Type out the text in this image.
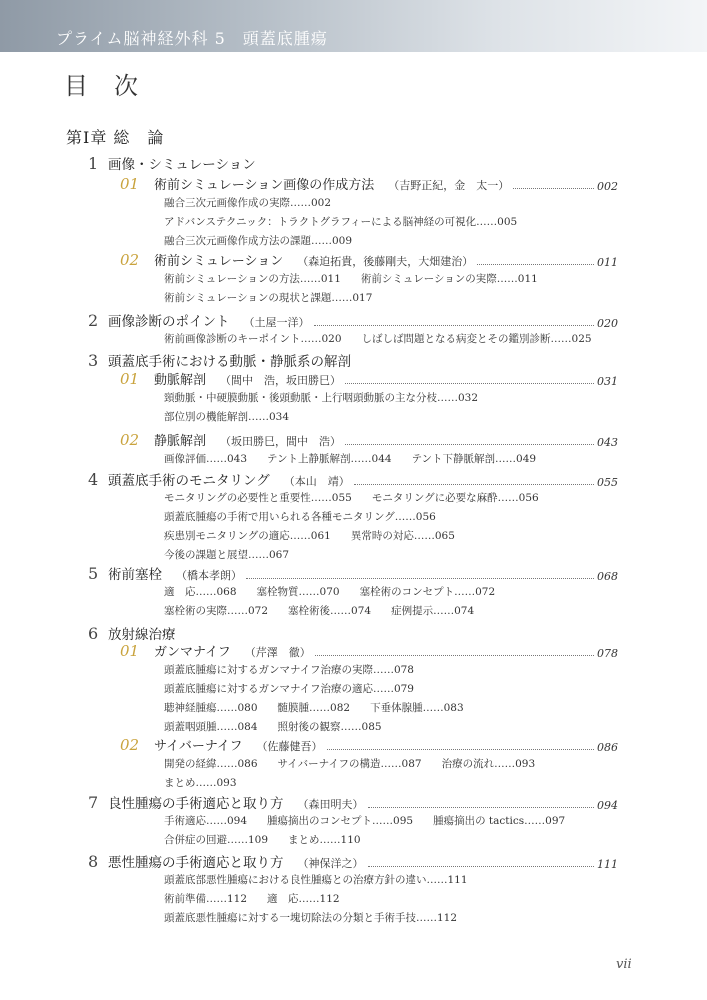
プライム脳神経外科 5　頭蓋底腫瘍
目次
第Ⅰ章 総　論
1 画像・シミュレーション
01	術前シミュレーション画像の作成方法 （吉野正紀，金　太一）	002
融合三次元画像作成の実際……002
アドバンステクニック：トラクトグラフィーによる脳神経の可視化……005
融合三次元画像作成方法の課題……009
02	術前シミュレーション （森迫拓貴，後藤剛夫，大畑建治）	011
術前シミュレーションの方法……011 術前シミュレーションの実際……011
術前シミュレーションの現状と課題……017
2 画像診断のポイント （土屋一洋）	020
術前画像診断のキーポイント……020 しばしば問題となる病変とその鑑別診断……025
3 頭蓋底手術における動脈・静脈系の解剖
01	動脈解剖 （間中　浩，坂田勝巳）	031
頸動脈・中硬膜動脈・後頭動脈・上行咽頭動脈の主な分枝……032
部位別の機能解剖……034
02	静脈解剖 （坂田勝巳，間中　浩）	043
画像評価……043 テント上静脈解剖……044 テント下静脈解剖……049
4 頭蓋底手術のモニタリング （本山　靖）	055
モニタリングの必要性と重要性……055 モニタリングに必要な麻酔……056
頭蓋底腫瘍の手術で用いられる各種モニタリング……056
疾患別モニタリングの適応……061 異常時の対応……065
今後の課題と展望……067
5 術前塞栓 （橋本孝朗）	068
適　応……068 塞栓物質……070 塞栓術のコンセプト……072
塞栓術の実際……072 塞栓術後……074 症例提示……074
6 放射線治療
01	ガンマナイフ （芹澤　徹）	078
頭蓋底腫瘍に対するガンマナイフ治療の実際……078
頭蓋底腫瘍に対するガンマナイフ治療の適応……079
聴神経腫瘍……080 髄膜腫……082 下垂体腺腫……083
頭蓋咽頭腫……084 照射後の観察……085
02	サイバーナイフ （佐藤健吾）	086
開発の経緯……086 サイバーナイフの構造……087 治療の流れ……093
まとめ……093
7 良性腫瘍の手術適応と取り方 （森田明夫）	094
手術適応……094 腫瘍摘出のコンセプト……095 腫瘍摘出の tactics……097
合併症の回避……109 まとめ……110
8 悪性腫瘍の手術適応と取り方 （神保洋之）	111
頭蓋底部悪性腫瘍における良性腫瘍との治療方針の違い……111
術前準備……112 適　応……112
頭蓋底悪性腫瘍に対する一塊切除法の分類と手術手技……112
vii
